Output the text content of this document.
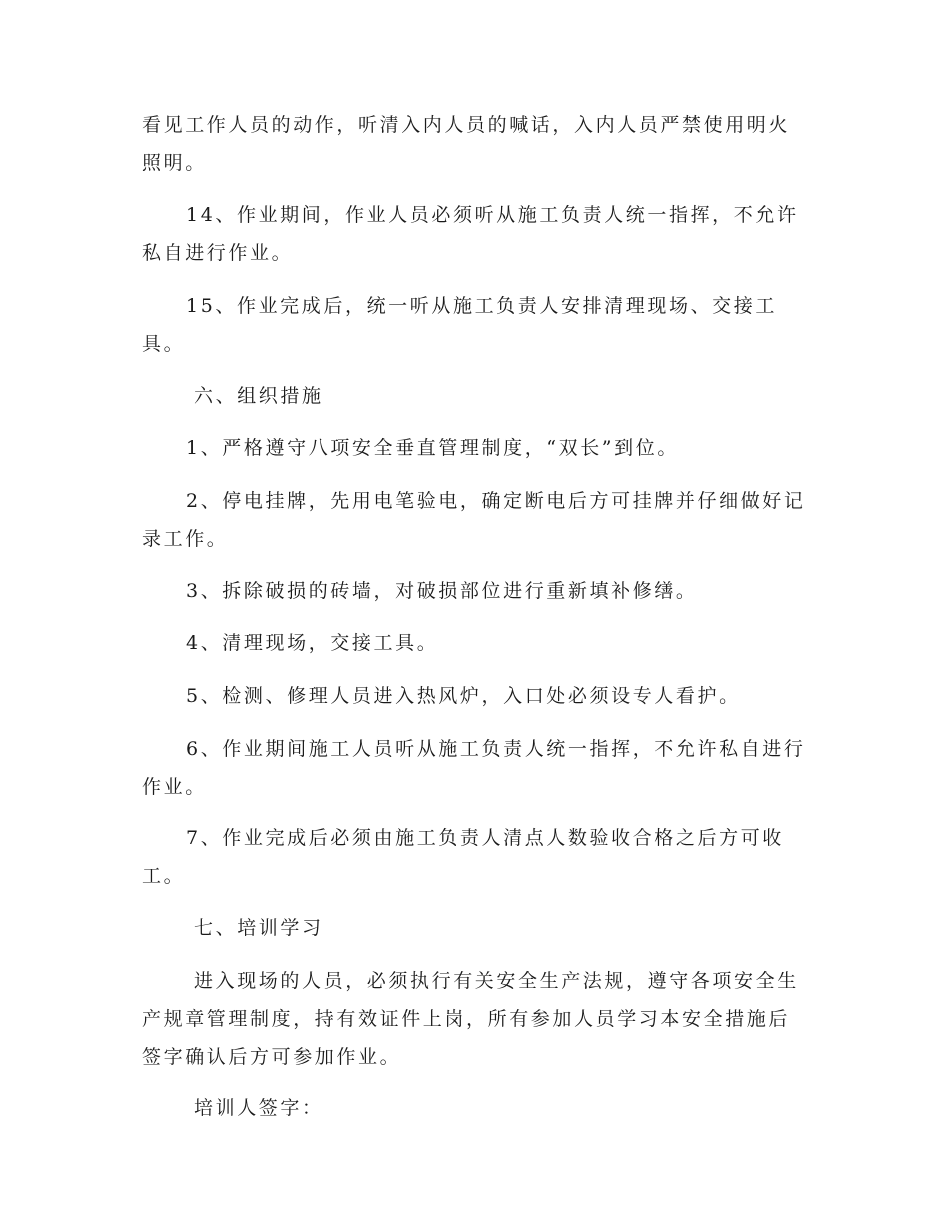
看见工作人员的动作，听清入内人员的喊话，入内人员严禁使用明火照明。

14、作业期间，作业人员必须听从施工负责人统一指挥，不允许私自进行作业。

15、作业完成后，统一听从施工负责人安排清理现场、交接工具。

六、组织措施

1、严格遵守八项安全垂直管理制度，“双长”到位。

2、停电挂牌，先用电笔验电，确定断电后方可挂牌并仔细做好记录工作。

3、拆除破损的砖墙，对破损部位进行重新填补修缮。

4、清理现场，交接工具。

5、检测、修理人员进入热风炉，入口处必须设专人看护。

6、作业期间施工人员听从施工负责人统一指挥，不允许私自进行作业。

7、作业完成后必须由施工负责人清点人数验收合格之后方可收工。

七、培训学习

进入现场的人员，必须执行有关安全生产法规，遵守各项安全生产规章管理制度，持有效证件上岗，所有参加人员学习本安全措施后签字确认后方可参加作业。

培训人签字：
